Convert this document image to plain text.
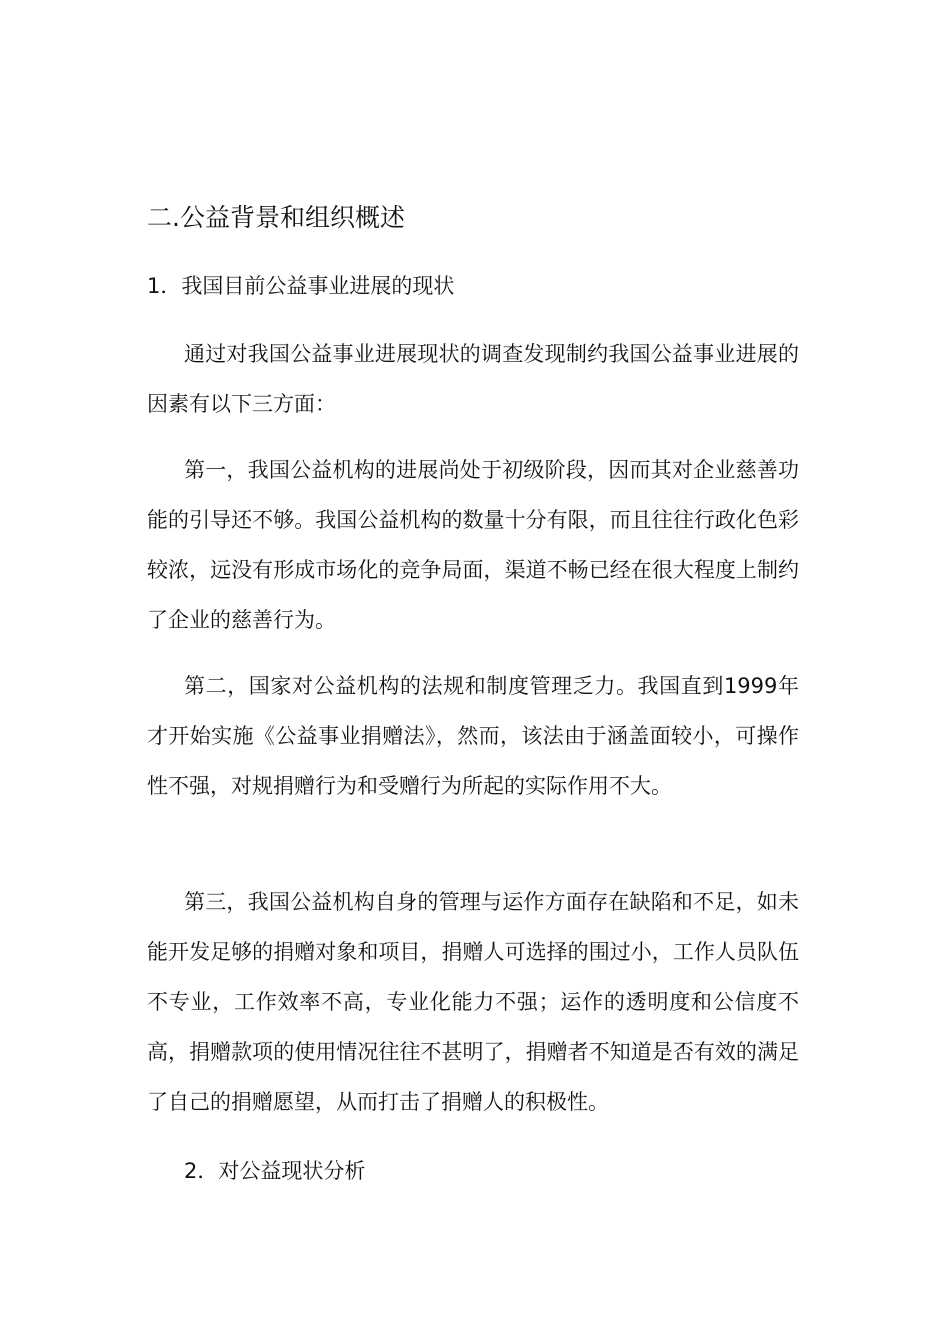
二.公益背景和组织概述
1．我国目前公益事业进展的现状

通过对我国公益事业进展现状的调查发现制约我国公益事业进展的因素有以下三方面：

第一，我国公益机构的进展尚处于初级阶段，因而其对企业慈善功能的引导还不够。我国公益机构的数量十分有限，而且往往行政化色彩较浓，远没有形成市场化的竞争局面，渠道不畅已经在很大程度上制约了企业的慈善行为。

第二，国家对公益机构的法规和制度管理乏力。我国直到1999年才开始实施《公益事业捐赠法》，然而，该法由于涵盖面较小，可操作性不强，对规捐赠行为和受赠行为所起的实际作用不大。

第三，我国公益机构自身的管理与运作方面存在缺陷和不足，如未能开发足够的捐赠对象和项目，捐赠人可选择的围过小，工作人员队伍不专业，工作效率不高，专业化能力不强；运作的透明度和公信度不高，捐赠款项的使用情况往往不甚明了，捐赠者不知道是否有效的满足了自己的捐赠愿望，从而打击了捐赠人的积极性。

2．对公益现状分析
